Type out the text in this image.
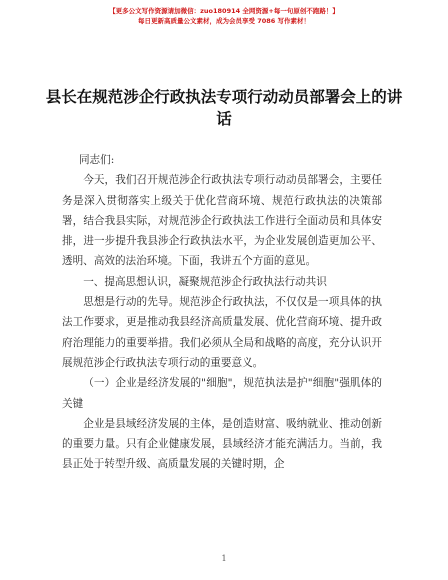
【更多公文写作资源请加微信：zuo180914 全网资源+每一句原创不跑路！】
每日更新高质量公文素材，成为会员享受 7086 写作素材！
县长在规范涉企行政执法专项行动动员部署会上的讲话

同志们:

今天，我们召开规范涉企行政执法专项行动动员部署会，主要任务是深入贯彻落实上级关于优化营商环境、规范行政执法的决策部署，结合我县实际，对规范涉企行政执法工作进行全面动员和具体安排，进一步提升我县涉企行政执法水平，为企业发展创造更加公平、透明、高效的法治环境。下面，我讲五个方面的意见。

一、提高思想认识，凝聚规范涉企行政执法行动共识

思想是行动的先导。规范涉企行政执法，不仅仅是一项具体的执法工作要求，更是推动我县经济高质量发展、优化营商环境、提升政府治理能力的重要举措。我们必须从全局和战略的高度，充分认识开展规范涉企行政执法专项行动的重要意义。

（一）企业是经济发展的"细胞"，规范执法是护"细胞"强肌体的关键

企业是县域经济发展的主体，是创造财富、吸纳就业、推动创新的重要力量。只有企业健康发展，县域经济才能充满活力。当前，我县正处于转型升级、高质量发展的关键时期，企

1
